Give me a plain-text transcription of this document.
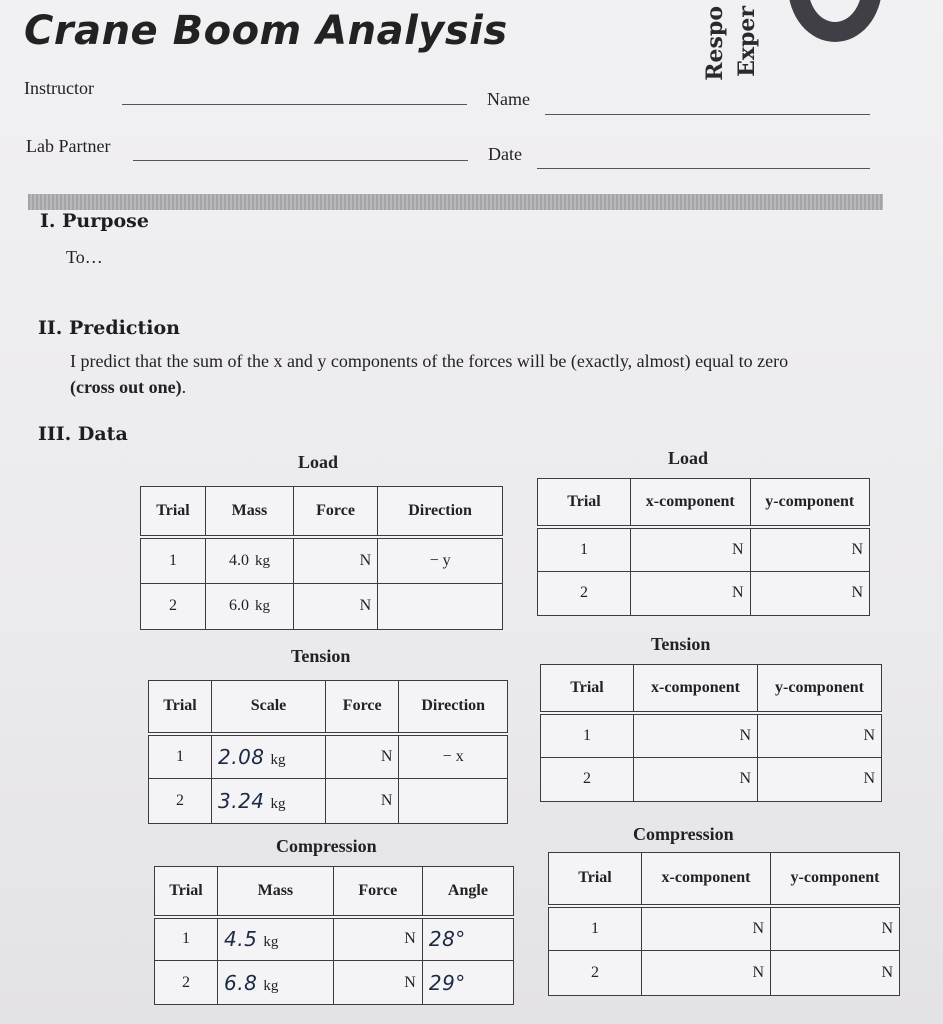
Crane Boom Analysis	Respo Exper
Instructor
Name
Lab Partner	Date
I. Purpose
To…
II. Prediction
I predict that the sum of the x and y components of the forces will be (exactly, almost) equal to zero
(cross out one).
III. Data
Load
Trial	Mass	Force	Direction
1	4.0 kg	N	− y
2	6.0 kg	N	
Load
Trial	x-component	y-component
1	N	N
2	N	N
Tension
Trial	Scale	Force	Direction
1	2.08 kg	N	− x
2	3.24 kg	N	
Tension
Trial	x-component	y-component
1	N	N
2	N	N
Compression
Trial	Mass	Force	Angle
1	4.5 kg	N	28°
2	6.8 kg	N	29°
Compression
Trial	x-component	y-component
1	N	N
2	N	N
